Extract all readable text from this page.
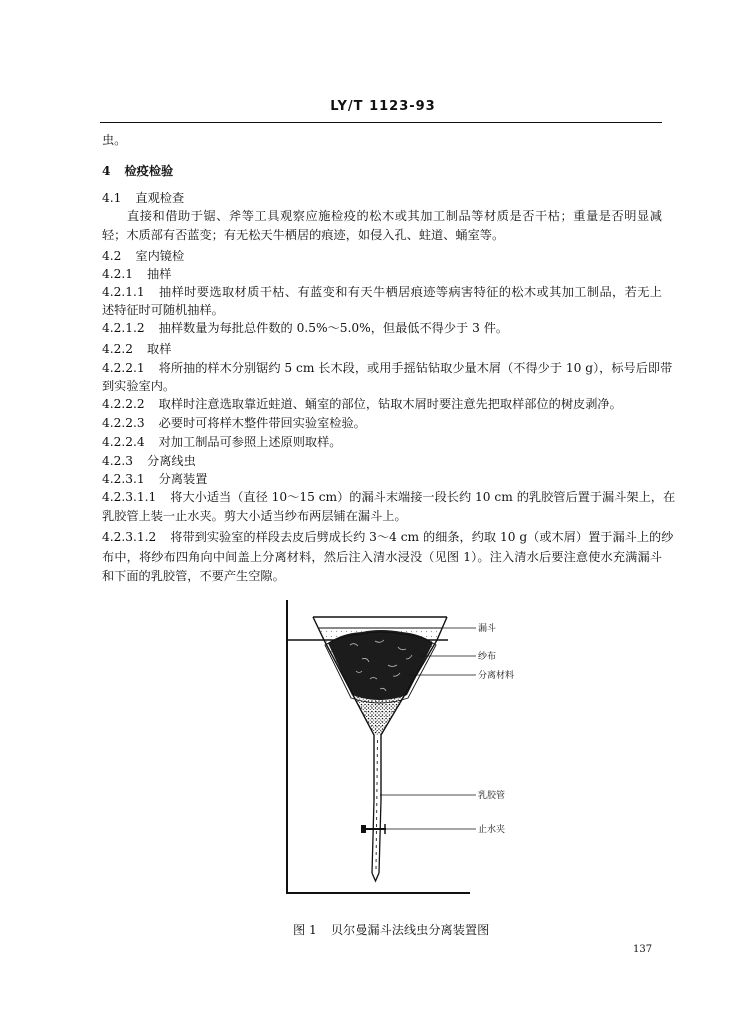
LY/T 1123-93
虫。
4 检疫检验
4.1 直观检查
直接和借助于锯、斧等工具观察应施检疫的松木或其加工制品等材质是否干枯；重量是否明显减
轻；木质部有否蓝变；有无松天牛栖居的痕迹，如侵入孔、蛀道、蛹室等。
4.2 室内镜检
4.2.1 抽样
4.2.1.1 抽样时要选取材质干枯、有蓝变和有天牛栖居痕迹等病害特征的松木或其加工制品，若无上
述特征时可随机抽样。
4.2.1.2 抽样数量为每批总件数的 0.5%～5.0%，但最低不得少于 3 件。
4.2.2 取样
4.2.2.1 将所抽的样木分别锯约 5 cm 长木段，或用手摇钻钻取少量木屑（不得少于 10 g），标号后即带
到实验室内。
4.2.2.2 取样时注意选取靠近蛀道、蛹室的部位，钻取木屑时要注意先把取样部位的树皮剥净。
4.2.2.3 必要时可将样木整件带回实验室检验。
4.2.2.4 对加工制品可参照上述原则取样。
4.2.3 分离线虫
4.2.3.1 分离装置
4.2.3.1.1 将大小适当（直径 10～15 cm）的漏斗末端接一段长约 10 cm 的乳胶管后置于漏斗架上，在
乳胶管上装一止水夹。剪大小适当纱布两层铺在漏斗上。
4.2.3.1.2 将带到实验室的样段去皮后劈成长约 3～4 cm 的细条，约取 10 g（或木屑）置于漏斗上的纱
布中，将纱布四角向中间盖上分离材料，然后注入清水浸没（见图 1）。注入清水后要注意使水充满漏斗
和下面的乳胶管，不要产生空隙。
漏斗
纱布
分离材料
乳胶管
止水夹
图 1 贝尔曼漏斗法线虫分离装置图
137
